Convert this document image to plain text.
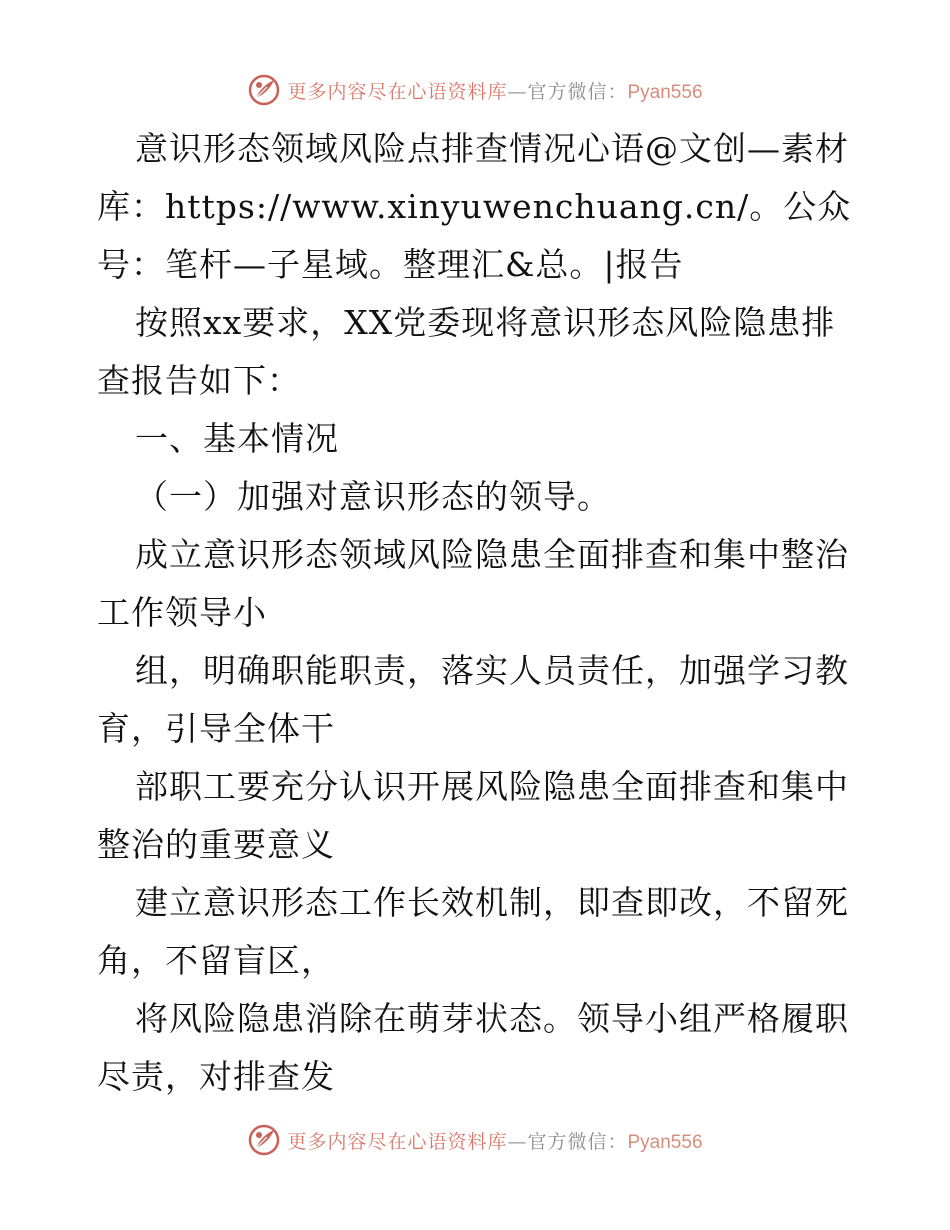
更多内容尽在心语资料库—官方微信：Pyan556

意识形态领域风险点排查情况心语@文创—素材库：https://www.xinyuwenchuang.cn/。公众号：笔杆—子星域。整理汇&总。|报告

按照xx要求，XX党委现将意识形态风险隐患排查报告如下：

一、基本情况

（一）加强对意识形态的领导。

成立意识形态领域风险隐患全面排查和集中整治工作领导小

组，明确职能职责，落实人员责任，加强学习教育，引导全体干

部职工要充分认识开展风险隐患全面排查和集中整治的重要意义

建立意识形态工作长效机制，即查即改，不留死角，不留盲区，

将风险隐患消除在萌芽状态。领导小组严格履职尽责，对排查发

更多内容尽在心语资料库—官方微信：Pyan556
